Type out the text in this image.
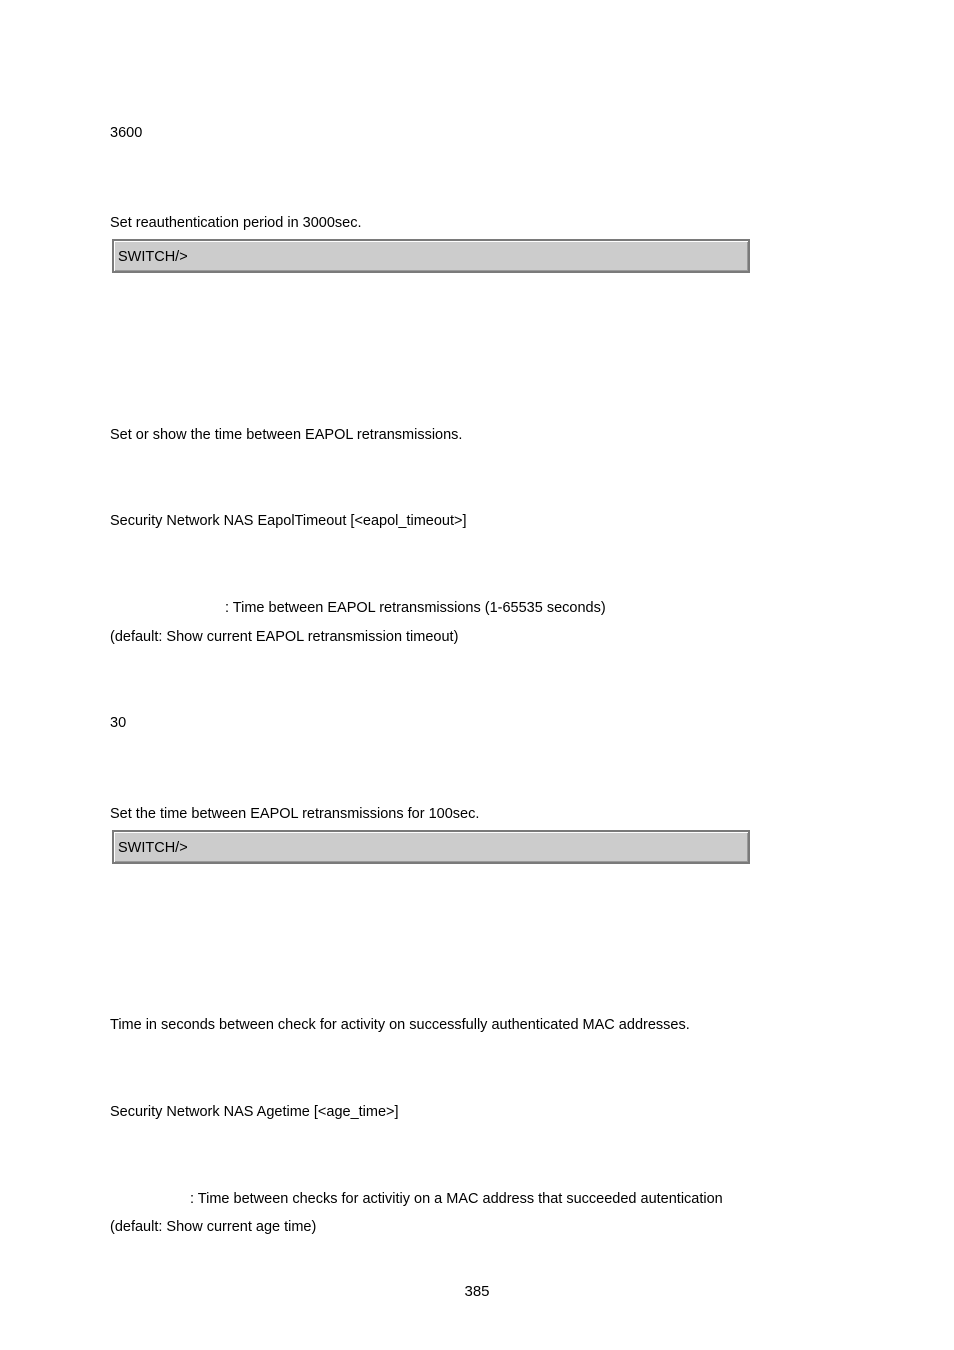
3600
Set reauthentication period in 3000sec.
SWITCH/>
Set or show the time between EAPOL retransmissions.
Security Network NAS EapolTimeout [<eapol_timeout>]
: Time between EAPOL retransmissions (1-65535 seconds)
(default: Show current EAPOL retransmission timeout)
30
Set the time between EAPOL retransmissions for 100sec.
SWITCH/>
Time in seconds between check for activity on successfully authenticated MAC addresses.
Security Network NAS Agetime [<age_time>]
: Time between checks for activitiy on a MAC address that succeeded autentication
(default: Show current age time)
385
